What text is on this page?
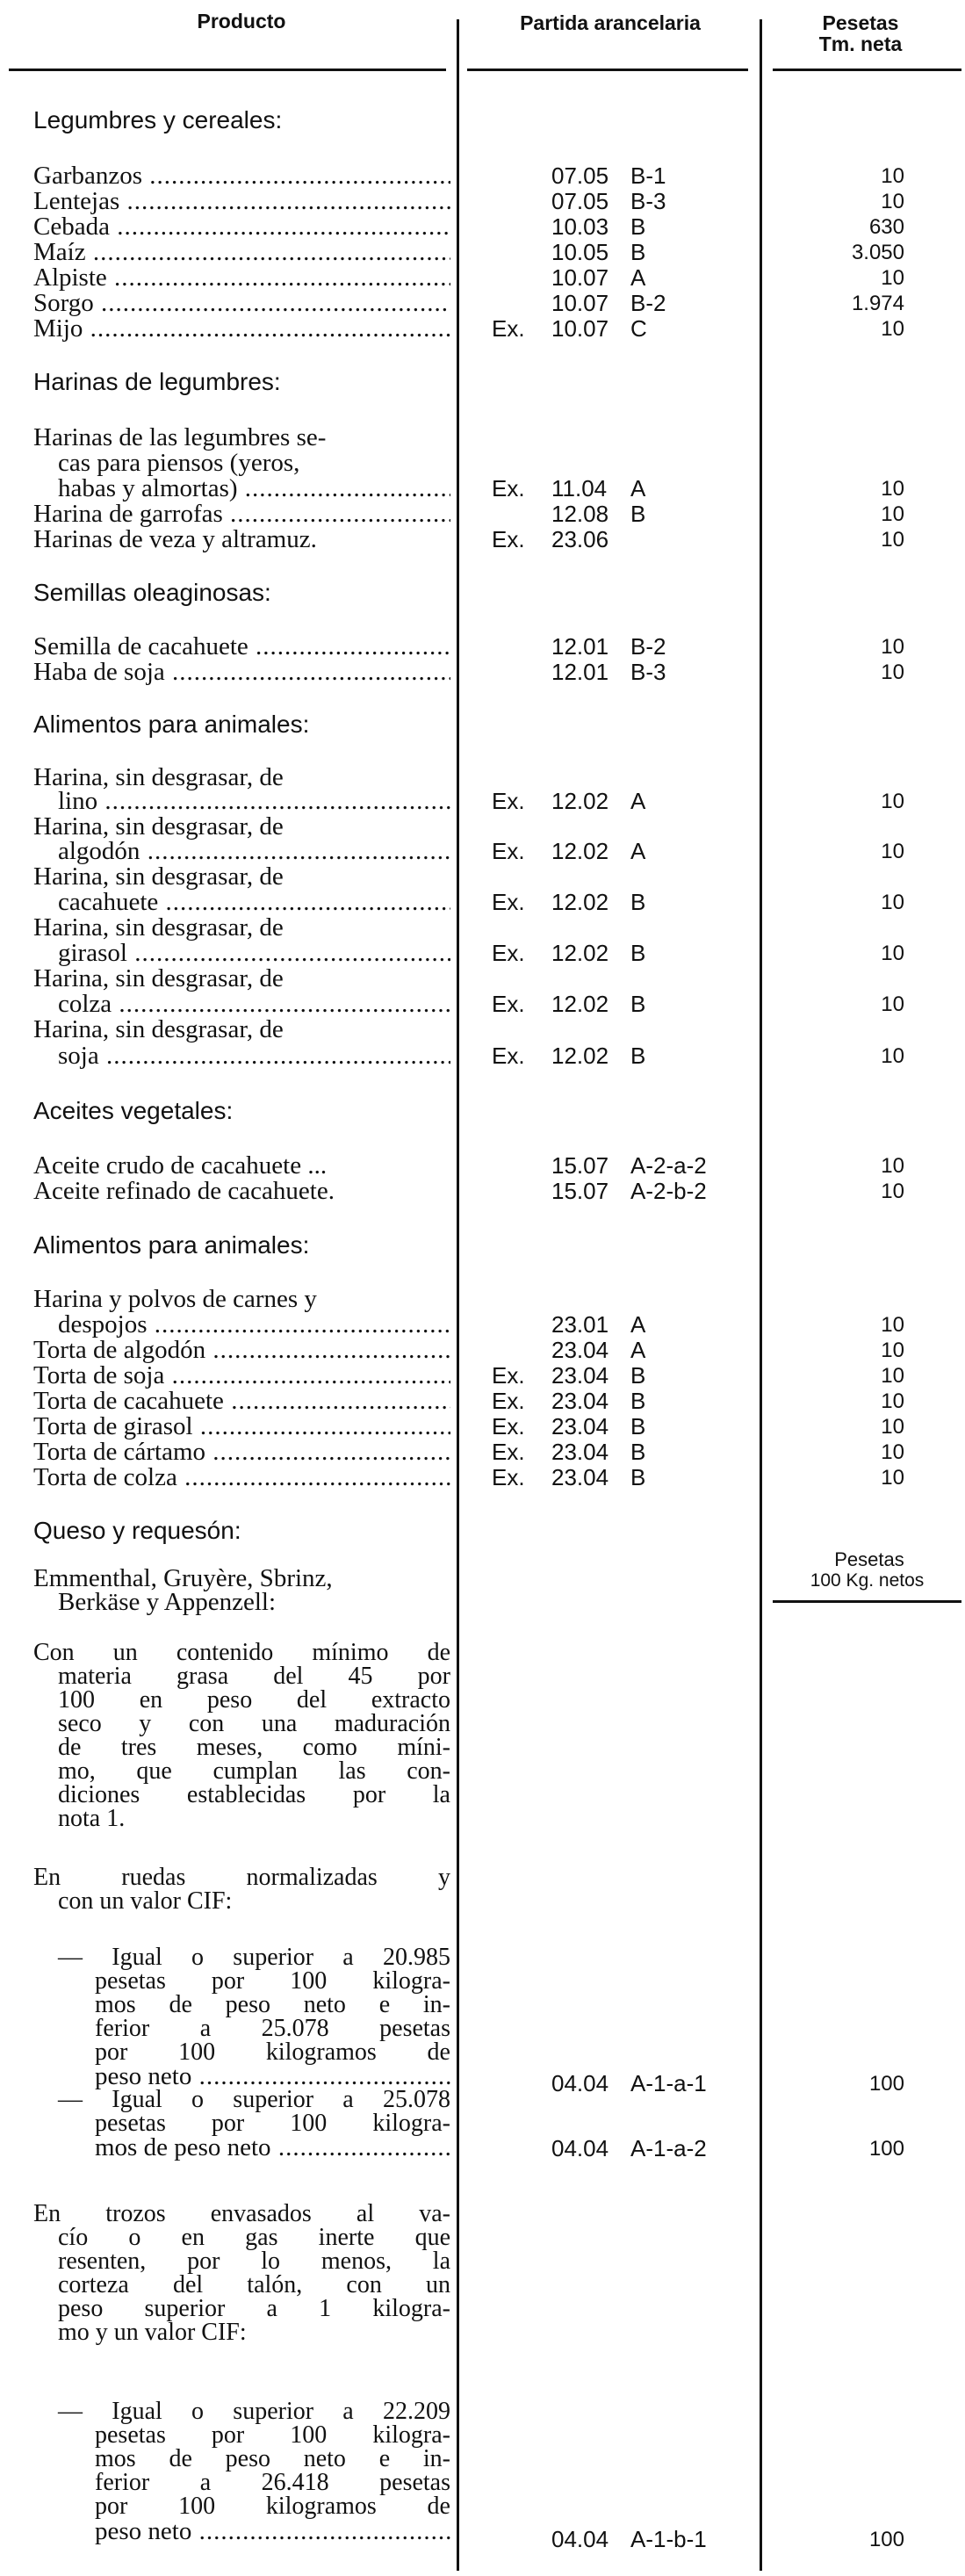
Producto	Partida arancelaria	Pesetas
Tm. neta
Legumbres y cereales:
Garbanzos .....	07.05 B-1	10
Lentejas .....	07.05 B-3	10
Cebada .....	10.03 B	630
Maíz .....	10.05 B	3.050
Alpiste .....	10.07 A	10
Sorgo .....	10.07 B-2	1.974
Mijo .....	Ex. 10.07 C	10
Harinas de legumbres:
Harinas de las legumbres se-
cas para piensos (yeros,
habas y almortas) .....	Ex. 11.04 A	10
Harina de garrofas .....	12.08 B	10
Harinas de veza y altramuz.	Ex. 23.06	10
Semillas oleaginosas:
Semilla de cacahuete .....	12.01 B-2	10
Haba de soja .....	12.01 B-3	10
Alimentos para animales:
Harina, sin desgrasar, de
lino .....	Ex. 12.02 A	10
Harina, sin desgrasar, de
algodón .....	Ex. 12.02 A	10
Harina, sin desgrasar, de
cacahuete .....	Ex. 12.02 B	10
Harina, sin desgrasar, de
girasol .....	Ex. 12.02 B	10
Harina, sin desgrasar, de
colza .....	Ex. 12.02 B	10
Harina, sin desgrasar, de
soja .....	Ex. 12.02 B	10
Aceites vegetales:
Aceite crudo de cacahuete ...	15.07 A-2-a-2	10
Aceite refinado de cacahuete.	15.07 A-2-b-2	10
Alimentos para animales:
Harina y polvos de carnes y
despojos .....	23.01 A	10
Torta de algodón .....	23.04 A	10
Torta de soja .....	Ex. 23.04 B	10
Torta de cacahuete .....	Ex. 23.04 B	10
Torta de girasol .....	Ex. 23.04 B	10
Torta de cártamo .....	Ex. 23.04 B	10
Torta de colza .....	Ex. 23.04 B	10
Queso y requesón:
Pesetas
100 Kg. netos
Emmenthal, Gruyère, Sbrinz,
Berkäse y Appenzell:
Con un contenido mínimo de
materia grasa del 45 por
100 en peso del extracto
seco y con una maduración
de tres meses, como míni-
mo, que cumplan las con-
diciones establecidas por la
nota 1.
En ruedas normalizadas y
con un valor CIF:
— Igual o superior a 20.985
pesetas por 100 kilogra-
mos de peso neto e in-
ferior a 25.078 pesetas
por 100 kilogramos de
peso neto .....	04.04 A-1-a-1	100
— Igual o superior a 25.078
pesetas por 100 kilogra-
mos de peso neto .....	04.04 A-1-a-2	100
En trozos envasados al va-
cío o en gas inerte que
resenten, por lo menos, la
corteza del talón, con un
peso superior a 1 kilogra-
mo y un valor CIF:
— Igual o superior a 22.209
pesetas por 100 kilogra-
mos de peso neto e in-
ferior a 26.418 pesetas
por 100 kilogramos de
peso neto .....	04.04 A-1-b-1	100
